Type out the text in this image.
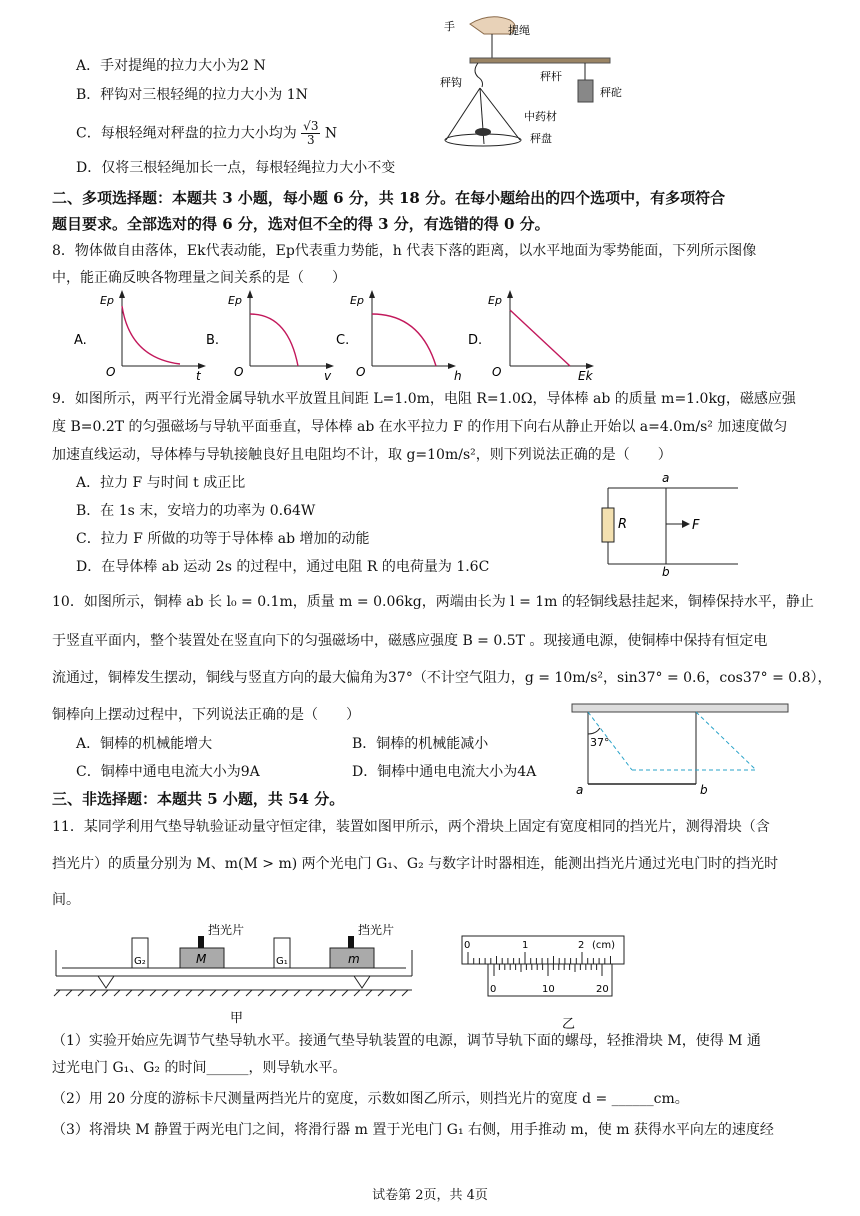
A．手对提绳的拉力大小为2 N
B．秤钩对三根轻绳的拉力大小为 1N
C．每根轻绳对秤盘的拉力大小均为 $\frac{√3}{3}$ N
D．仅将三根轻绳加长一点，每根轻绳拉力大小不变
手	提绳
秤杆
秤砣
秤钩
中药材
秤盘
二、多项选择题：本题共 3 小题，每小题 6 分，共 18 分。在每小题给出的四个选项中，有多项符合
题目要求。全部选对的得 6 分，选对但不全的得 3 分，有选错的得 0 分。
8．物体做自由落体，Ek代表动能，Ep代表重力势能，h 代表下落的距离，以水平地面为零势能面，下列所示图像
中，能正确反映各物理量之间关系的是（　　）
A.
Ep
O	t
B.
Ep
O	v
C.
Ep
O	h
D.
Ep
O	Ek
9．如图所示，两平行光滑金属导轨水平放置且间距 L=1.0m，电阻 R=1.0Ω，导体棒 ab 的质量 m=1.0kg，磁感应强
度 B=0.2T 的匀强磁场与导轨平面垂直，导体棒 ab 在水平拉力 F 的作用下向右从静止开始以 a=4.0m/s² 加速度做匀
加速直线运动，导体棒与导轨接触良好且电阻均不计，取 g=10m/s²，则下列说法正确的是（　　）
A．拉力 F 与时间 t 成正比
B．在 1s 末，安培力的功率为 0.64W
C．拉力 F 所做的功等于导体棒 ab 增加的动能
D．在导体棒 ab 运动 2s 的过程中，通过电阻 R 的电荷量为 1.6C
a
R	F
b
10．如图所示，铜棒 ab 长 l₀ = 0.1m，质量 m = 0.06kg，两端由长为 l = 1m 的轻铜线悬挂起来，铜棒保持水平，静止
于竖直平面内，整个装置处在竖直向下的匀强磁场中，磁感应强度 B = 0.5T 。现接通电源，使铜棒中保持有恒定电
流通过，铜棒发生摆动，铜线与竖直方向的最大偏角为37°（不计空气阻力，g = 10m/s²，sin37° = 0.6，cos37° = 0.8），
铜棒向上摆动过程中，下列说法正确的是（　　）
A．铜棒的机械能增大	B．铜棒的机械能减小
C．铜棒中通电电流大小为9A	D．铜棒中通电电流大小为4A
37°
a	b
三、非选择题：本题共 5 小题，共 54 分。
11．某同学利用气垫导轨验证动量守恒定律，装置如图甲所示，两个滑块上固定有宽度相同的挡光片，测得滑块（含
挡光片）的质量分别为 M、m(M > m) 两个光电门 G₁、G₂ 与数字计时器相连，能测出挡光片通过光电门时的挡光时
间。
挡光片	挡光片
G₂	G₁
M	m
甲
0	1	2 (cm)
0	10	20
乙
（1）实验开始应先调节气垫导轨水平。接通气垫导轨装置的电源，调节导轨下面的螺母，轻推滑块 M，使得 M 通
过光电门 G₁、G₂ 的时间______，则导轨水平。
（2）用 20 分度的游标卡尺测量两挡光片的宽度，示数如图乙所示，则挡光片的宽度 d = ______cm。
（3）将滑块 M 静置于两光电门之间，将滑行器 m 置于光电门 G₁ 右侧，用手推动 m，使 m 获得水平向左的速度经
试卷第 2页，共 4页
